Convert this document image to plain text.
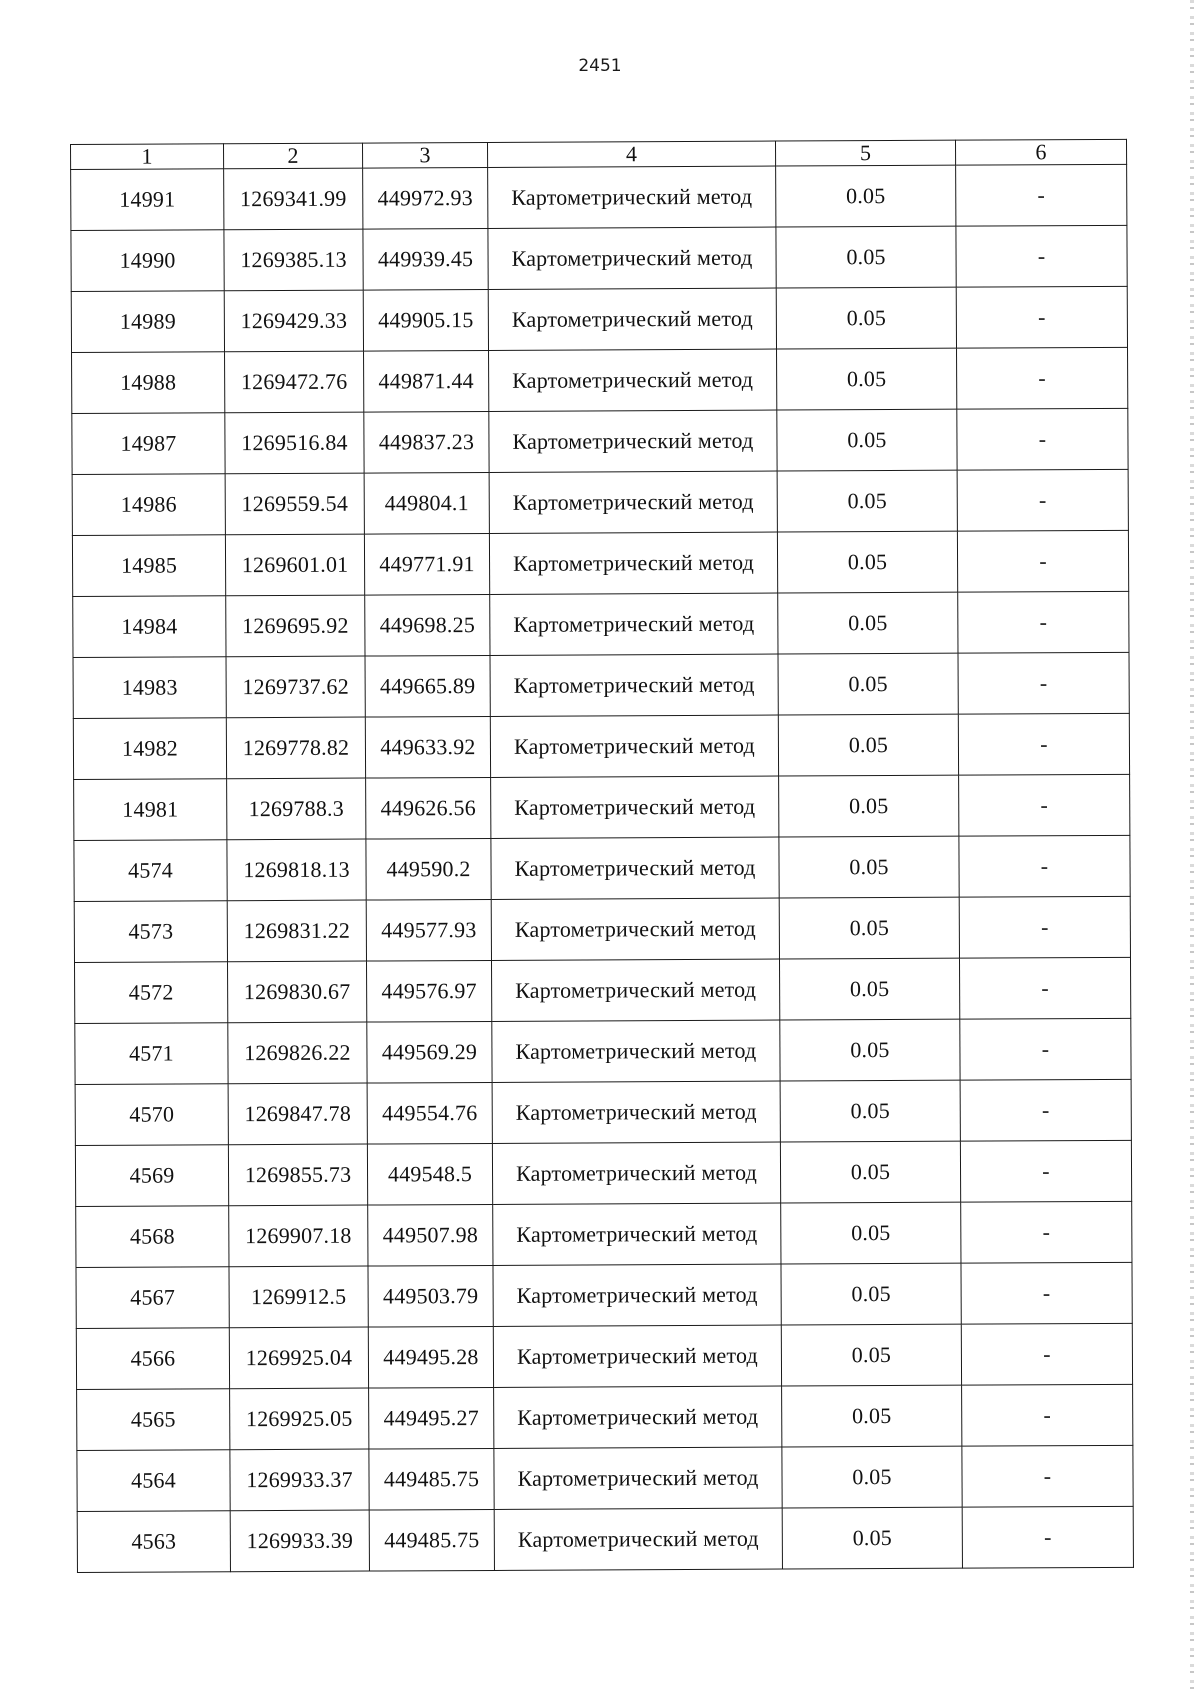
2451
1	2	3	4	5	6
14991	1269341.99	449972.93	Картометрический метод	0.05	-
14990	1269385.13	449939.45	Картометрический метод	0.05	-
14989	1269429.33	449905.15	Картометрический метод	0.05	-
14988	1269472.76	449871.44	Картометрический метод	0.05	-
14987	1269516.84	449837.23	Картометрический метод	0.05	-
14986	1269559.54	449804.1	Картометрический метод	0.05	-
14985	1269601.01	449771.91	Картометрический метод	0.05	-
14984	1269695.92	449698.25	Картометрический метод	0.05	-
14983	1269737.62	449665.89	Картометрический метод	0.05	-
14982	1269778.82	449633.92	Картометрический метод	0.05	-
14981	1269788.3	449626.56	Картометрический метод	0.05	-
4574	1269818.13	449590.2	Картометрический метод	0.05	-
4573	1269831.22	449577.93	Картометрический метод	0.05	-
4572	1269830.67	449576.97	Картометрический метод	0.05	-
4571	1269826.22	449569.29	Картометрический метод	0.05	-
4570	1269847.78	449554.76	Картометрический метод	0.05	-
4569	1269855.73	449548.5	Картометрический метод	0.05	-
4568	1269907.18	449507.98	Картометрический метод	0.05	-
4567	1269912.5	449503.79	Картометрический метод	0.05	-
4566	1269925.04	449495.28	Картометрический метод	0.05	-
4565	1269925.05	449495.27	Картометрический метод	0.05	-
4564	1269933.37	449485.75	Картометрический метод	0.05	-
4563	1269933.39	449485.75	Картометрический метод	0.05	-
